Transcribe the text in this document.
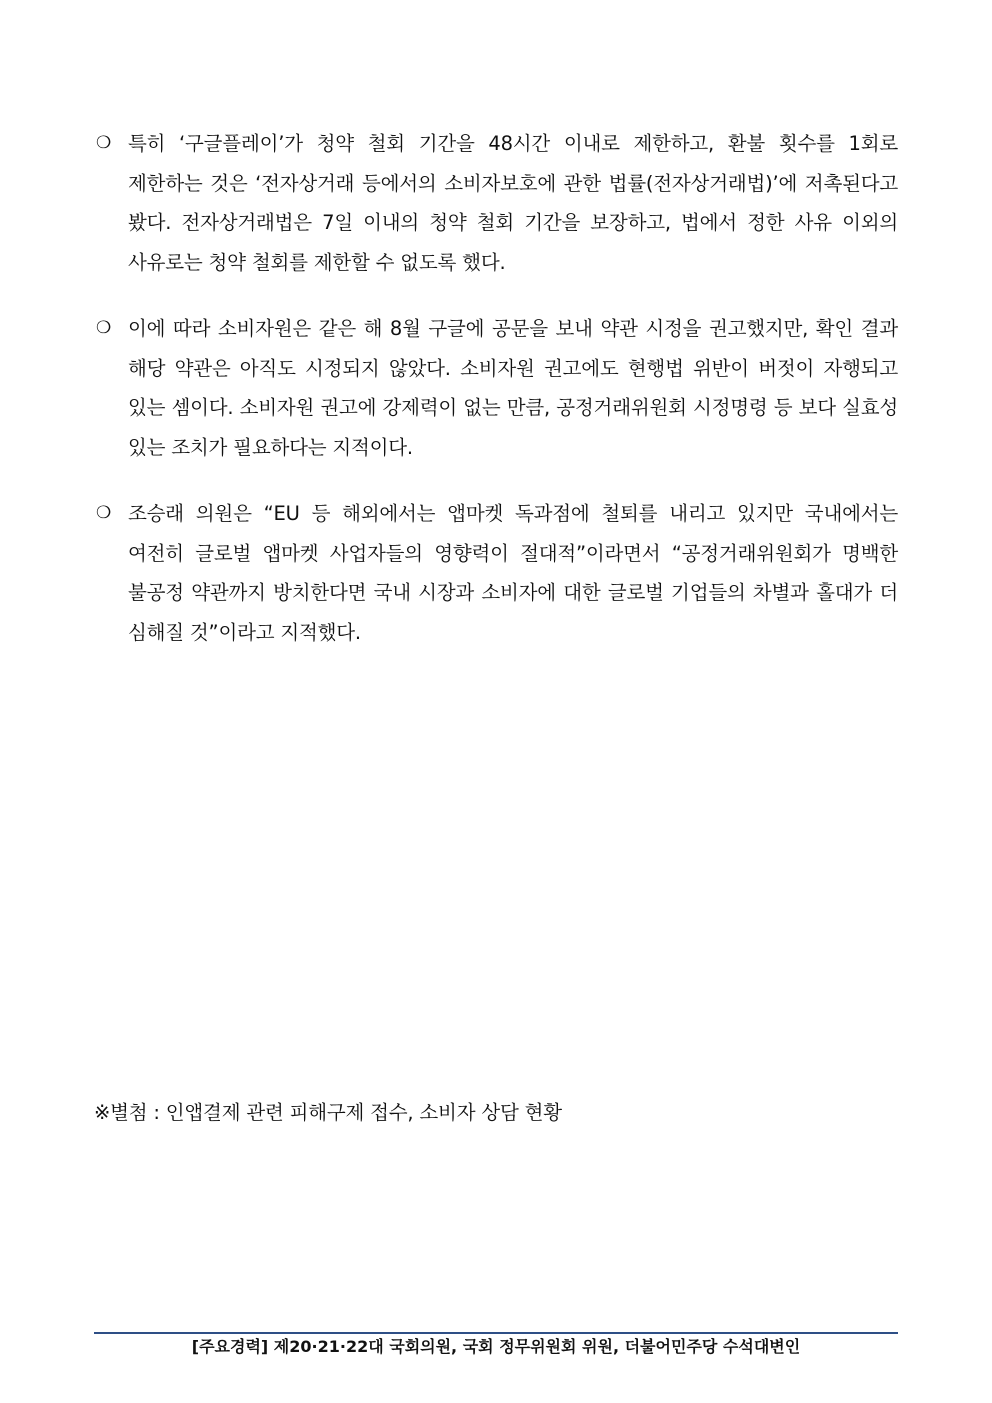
❍ 특히 ‘구글플레이’가 청약 철회 기간을 48시간 이내로 제한하고, 환불 횟수를 1회로 제한하는 것은 ‘전자상거래 등에서의 소비자보호에 관한 법률(전자상거래법)’에 저촉된다고 봤다. 전자상거래법은 7일 이내의 청약 철회 기간을 보장하고, 법에서 정한 사유 이외의 사유로는 청약 철회를 제한할 수 없도록 했다.

❍ 이에 따라 소비자원은 같은 해 8월 구글에 공문을 보내 약관 시정을 권고했지만, 확인 결과 해당 약관은 아직도 시정되지 않았다. 소비자원 권고에도 현행법 위반이 버젓이 자행되고 있는 셈이다. 소비자원 권고에 강제력이 없는 만큼, 공정거래위원회 시정명령 등 보다 실효성 있는 조치가 필요하다는 지적이다.

❍ 조승래 의원은 “EU 등 해외에서는 앱마켓 독과점에 철퇴를 내리고 있지만 국내에서는 여전히 글로벌 앱마켓 사업자들의 영향력이 절대적”이라면서 “공정거래위원회가 명백한 불공정 약관까지 방치한다면 국내 시장과 소비자에 대한 글로벌 기업들의 차별과 홀대가 더 심해질 것”이라고 지적했다.

※별첨 : 인앱결제 관련 피해구제 접수, 소비자 상담 현황
[주요경력] 제20·21·22대 국회의원, 국회 정무위원회 위원, 더불어민주당 수석대변인
